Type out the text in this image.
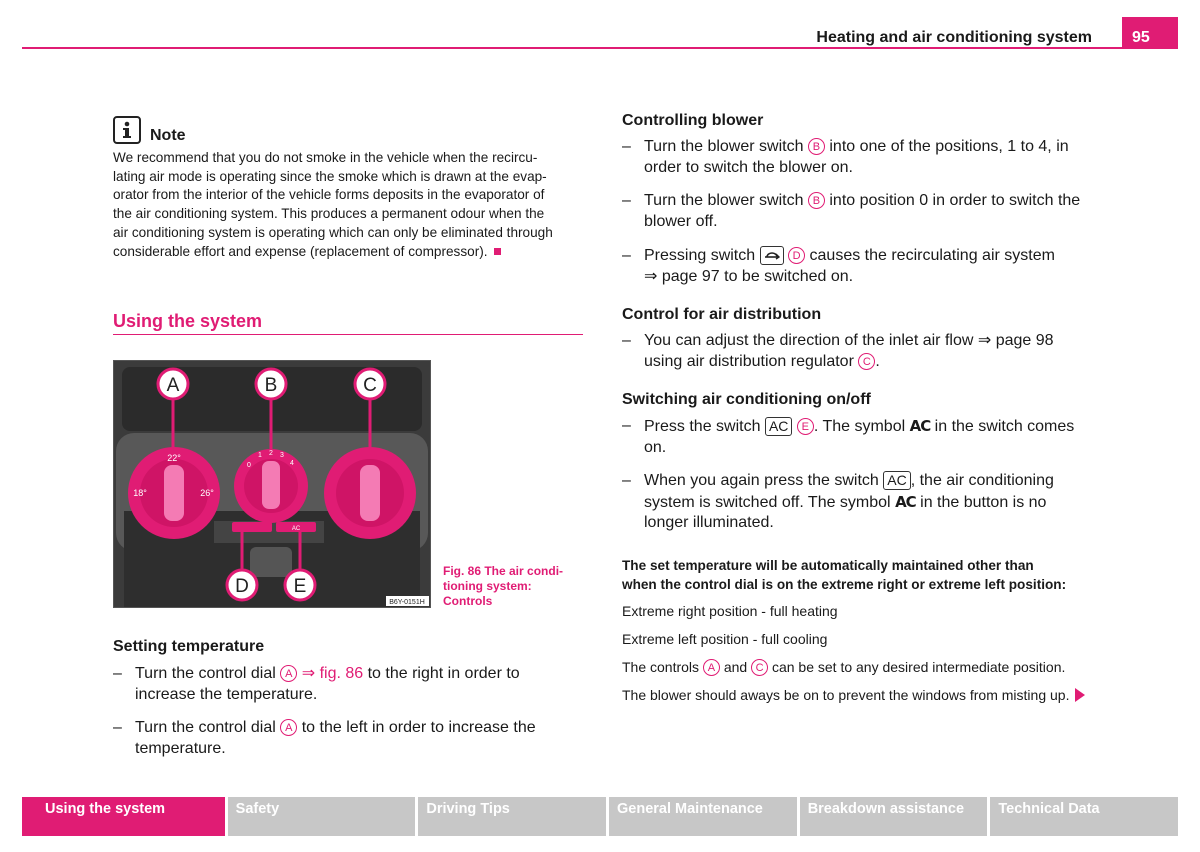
Heating and air conditioning system	95
Note
We recommend that you do not smoke in the vehicle when the recircu-
lating air mode is operating since the smoke which is drawn at the evap-
orator from the interior of the vehicle forms deposits in the evaporator of
the air conditioning system. This produces a permanent odour when the
air conditioning system is operating which can only be eliminated through
considerable effort and expense (replacement of compressor).
Using the system
A	B	C
D E
22°
18°	26°
0
1 2 3
4
AC
B6Y-0151H
Fig. 86 The air condi-
tioning system:
Controls
Setting temperature
– Turn the control dial A ⇒ fig. 86 to the right in order to
increase the temperature.
– Turn the control dial A to the left in order to increase the
temperature.
Controlling blower
– Turn the blower switch B into one of the positions, 1 to 4, in
order to switch the blower on.
– Turn the blower switch B into position 0 in order to switch the
blower off.
– Pressing switch	D causes the recirculating air system
⇒ page 97 to be switched on.
Control for air distribution
– You can adjust the direction of the inlet air flow ⇒ page 98
using air distribution regulator C .
Switching air conditioning on/off
– Press the switch AC E . The symbol AC in the switch comes
on.
– When you again press the switch AC , the air conditioning
system is switched off. The symbol AC in the button is no
longer illuminated.
The set temperature will be automatically maintained other than
when the control dial is on the extreme right or extreme left position:
Extreme right position - full heating
Extreme left position - full cooling
The controls A and C can be set to any desired intermediate position.
The blower should aways be on to prevent the windows from misting up.
Using the system	Safety	Driving Tips	General Maintenance	Breakdown assistance	Technical Data
